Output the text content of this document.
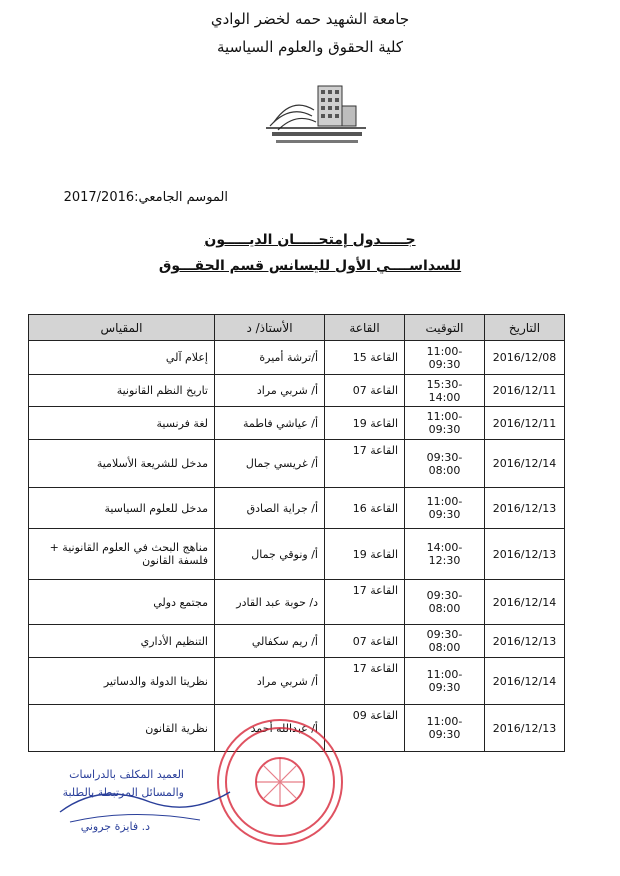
جامعة الشهيد حمه لخضر الوادي
كلية الحقوق والعلوم السياسية
الموسم الجامعي:2017/2016
جـــــدول إمتحـــــان الديـــــون
للسداســــي الأول لليسانس قسم الحقـــوق
التاريخ	التوقيت	القاعة	الأستاذ/ د	المقياس
2016/12/08	11:00-09:30	القاعة 15	أ/ترشة أميرة	إعلام آلي
2016/12/11	15:30-14:00	القاعة 07	أ/ شربي مراد	تاريخ النظم القانونية
2016/12/11	11:00-09:30	القاعة 19	أ/ عياشي فاطمة	لغة فرنسية
2016/12/14	09:30-08:00	القاعة 17	أ/ غريسي جمال	مدخل للشريعة الأسلامية
2016/12/13	11:00-09:30	القاعة 16	أ/ جراية الصادق	مدخل للعلوم السياسية
2016/12/13	14:00-12:30	القاعة 19	أ/ ونوقي جمال	مناهج البحث في العلوم القانونية + فلسفة القانون
2016/12/14	09:30-08:00	القاعة 17	د/ حوبة عبد القادر	مجتمع دولي
2016/12/13	09:30-08:00	القاعة 07	أ/ ريم سكفالي	التنظيم الأداري
2016/12/14	11:00-09:30	القاعة 17	أ/ شربي مراد	نظريتا الدولة والدساتير
2016/12/13	11:00-09:30	القاعة 09	أ/ عبدالله أحمد	نظرية القانون
العميد المكلف بالدراسات
والمسائل المرتبطة بالطلبة
د. فايزة جروني
